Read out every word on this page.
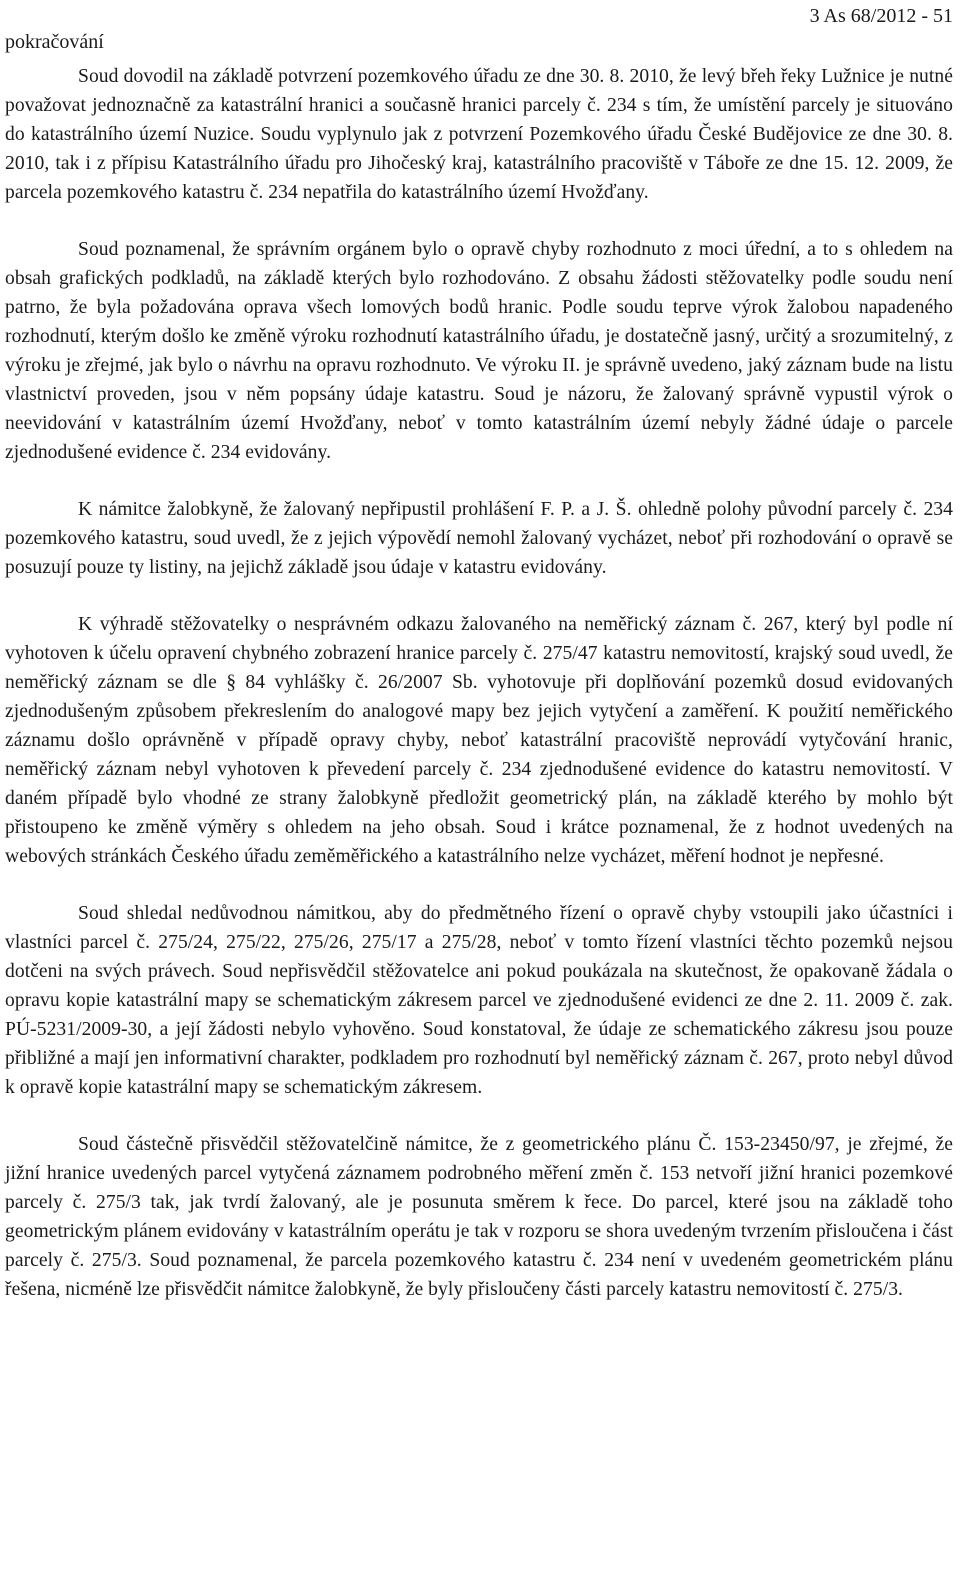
pokračování
3 As 68/2012 - 51

Soud dovodil na základě potvrzení pozemkového úřadu ze dne 30. 8. 2010, že levý břeh řeky Lužnice je nutné považovat jednoznačně za katastrální hranici a současně hranici parcely č. 234 s tím, že umístění parcely je situováno do katastrálního území Nuzice. Soudu vyplynulo jak z potvrzení Pozemkového úřadu České Budějovice ze dne 30. 8. 2010, tak i z přípisu Katastrálního úřadu pro Jihočeský kraj, katastrálního pracoviště v Táboře ze dne 15. 12. 2009, že parcela pozemkového katastru č. 234 nepatřila do katastrálního území Hvožďany.

Soud poznamenal, že správním orgánem bylo o opravě chyby rozhodnuto z moci úřední, a to s ohledem na obsah grafických podkladů, na základě kterých bylo rozhodováno. Z obsahu žádosti stěžovatelky podle soudu není patrno, že byla požadována oprava všech lomových bodů hranic. Podle soudu teprve výrok žalobou napadeného rozhodnutí, kterým došlo ke změně výroku rozhodnutí katastrálního úřadu, je dostatečně jasný, určitý a srozumitelný, z výroku je zřejmé, jak bylo o návrhu na opravu rozhodnuto. Ve výroku II. je správně uvedeno, jaký záznam bude na listu vlastnictví proveden, jsou v něm popsány údaje katastru. Soud je názoru, že žalovaný správně vypustil výrok o neevidování v katastrálním území Hvožďany, neboť v tomto katastrálním území nebyly žádné údaje o parcele zjednodušené evidence č. 234 evidovány.

K námitce žalobkyně, že žalovaný nepřipustil prohlášení F. P. a J. Š. ohledně polohy původní parcely č. 234 pozemkového katastru, soud uvedl, že z jejich výpovědí nemohl žalovaný vycházet, neboť při rozhodování o opravě se posuzují pouze ty listiny, na jejichž základě jsou údaje v katastru evidovány.

K výhradě stěžovatelky o nesprávném odkazu žalovaného na neměřický záznam č. 267, který byl podle ní vyhotoven k účelu opravení chybného zobrazení hranice parcely č. 275/47 katastru nemovitostí, krajský soud uvedl, že neměřický záznam se dle § 84 vyhlášky č. 26/2007 Sb. vyhotovuje při doplňování pozemků dosud evidovaných zjednodušeným způsobem překreslením do analogové mapy bez jejich vytyčení a zaměření. K použití neměřického záznamu došlo oprávněně v případě opravy chyby, neboť katastrální pracoviště neprovádí vytyčování hranic, neměřický záznam nebyl vyhotoven k převedení parcely č. 234 zjednodušené evidence do katastru nemovitostí. V daném případě bylo vhodné ze strany žalobkyně předložit geometrický plán, na základě kterého by mohlo být přistoupeno ke změně výměry s ohledem na jeho obsah. Soud i krátce poznamenal, že z hodnot uvedených na webových stránkách Českého úřadu zeměměřického a katastrálního nelze vycházet, měření hodnot je nepřesné.

Soud shledal nedůvodnou námitkou, aby do předmětného řízení o opravě chyby vstoupili jako účastníci i vlastníci parcel č. 275/24, 275/22, 275/26, 275/17 a 275/28, neboť v tomto řízení vlastníci těchto pozemků nejsou dotčeni na svých právech. Soud nepřisvědčil stěžovatelce ani pokud poukázala na skutečnost, že opakovaně žádala o opravu kopie katastrální mapy se schematickým zákresem parcel ve zjednodušené evidenci ze dne 2. 11. 2009 č. zak. PÚ-5231/2009-30, a její žádosti nebylo vyhověno. Soud konstatoval, že údaje ze schematického zákresu jsou pouze přibližné a mají jen informativní charakter, podkladem pro rozhodnutí byl neměřický záznam č. 267, proto nebyl důvod k opravě kopie katastrální mapy se schematickým zákresem.

Soud částečně přisvědčil stěžovatelčině námitce, že z geometrického plánu Č. 153-23450/97, je zřejmé, že jižní hranice uvedených parcel vytyčená záznamem podrobného měření změn č. 153 netvoří jižní hranici pozemkové parcely č. 275/3 tak, jak tvrdí žalovaný, ale je posunuta směrem k řece. Do parcel, které jsou na základě toho geometrickým plánem evidovány v katastrálním operátu je tak v rozporu se shora uvedeným tvrzením přisloučena i část parcely č. 275/3. Soud poznamenal, že parcela pozemkového katastru č. 234 není v uvedeném geometrickém plánu řešena, nicméně lze přisvědčit námitce žalobkyně, že byly přisloučeny části parcely katastru nemovitostí č. 275/3.
